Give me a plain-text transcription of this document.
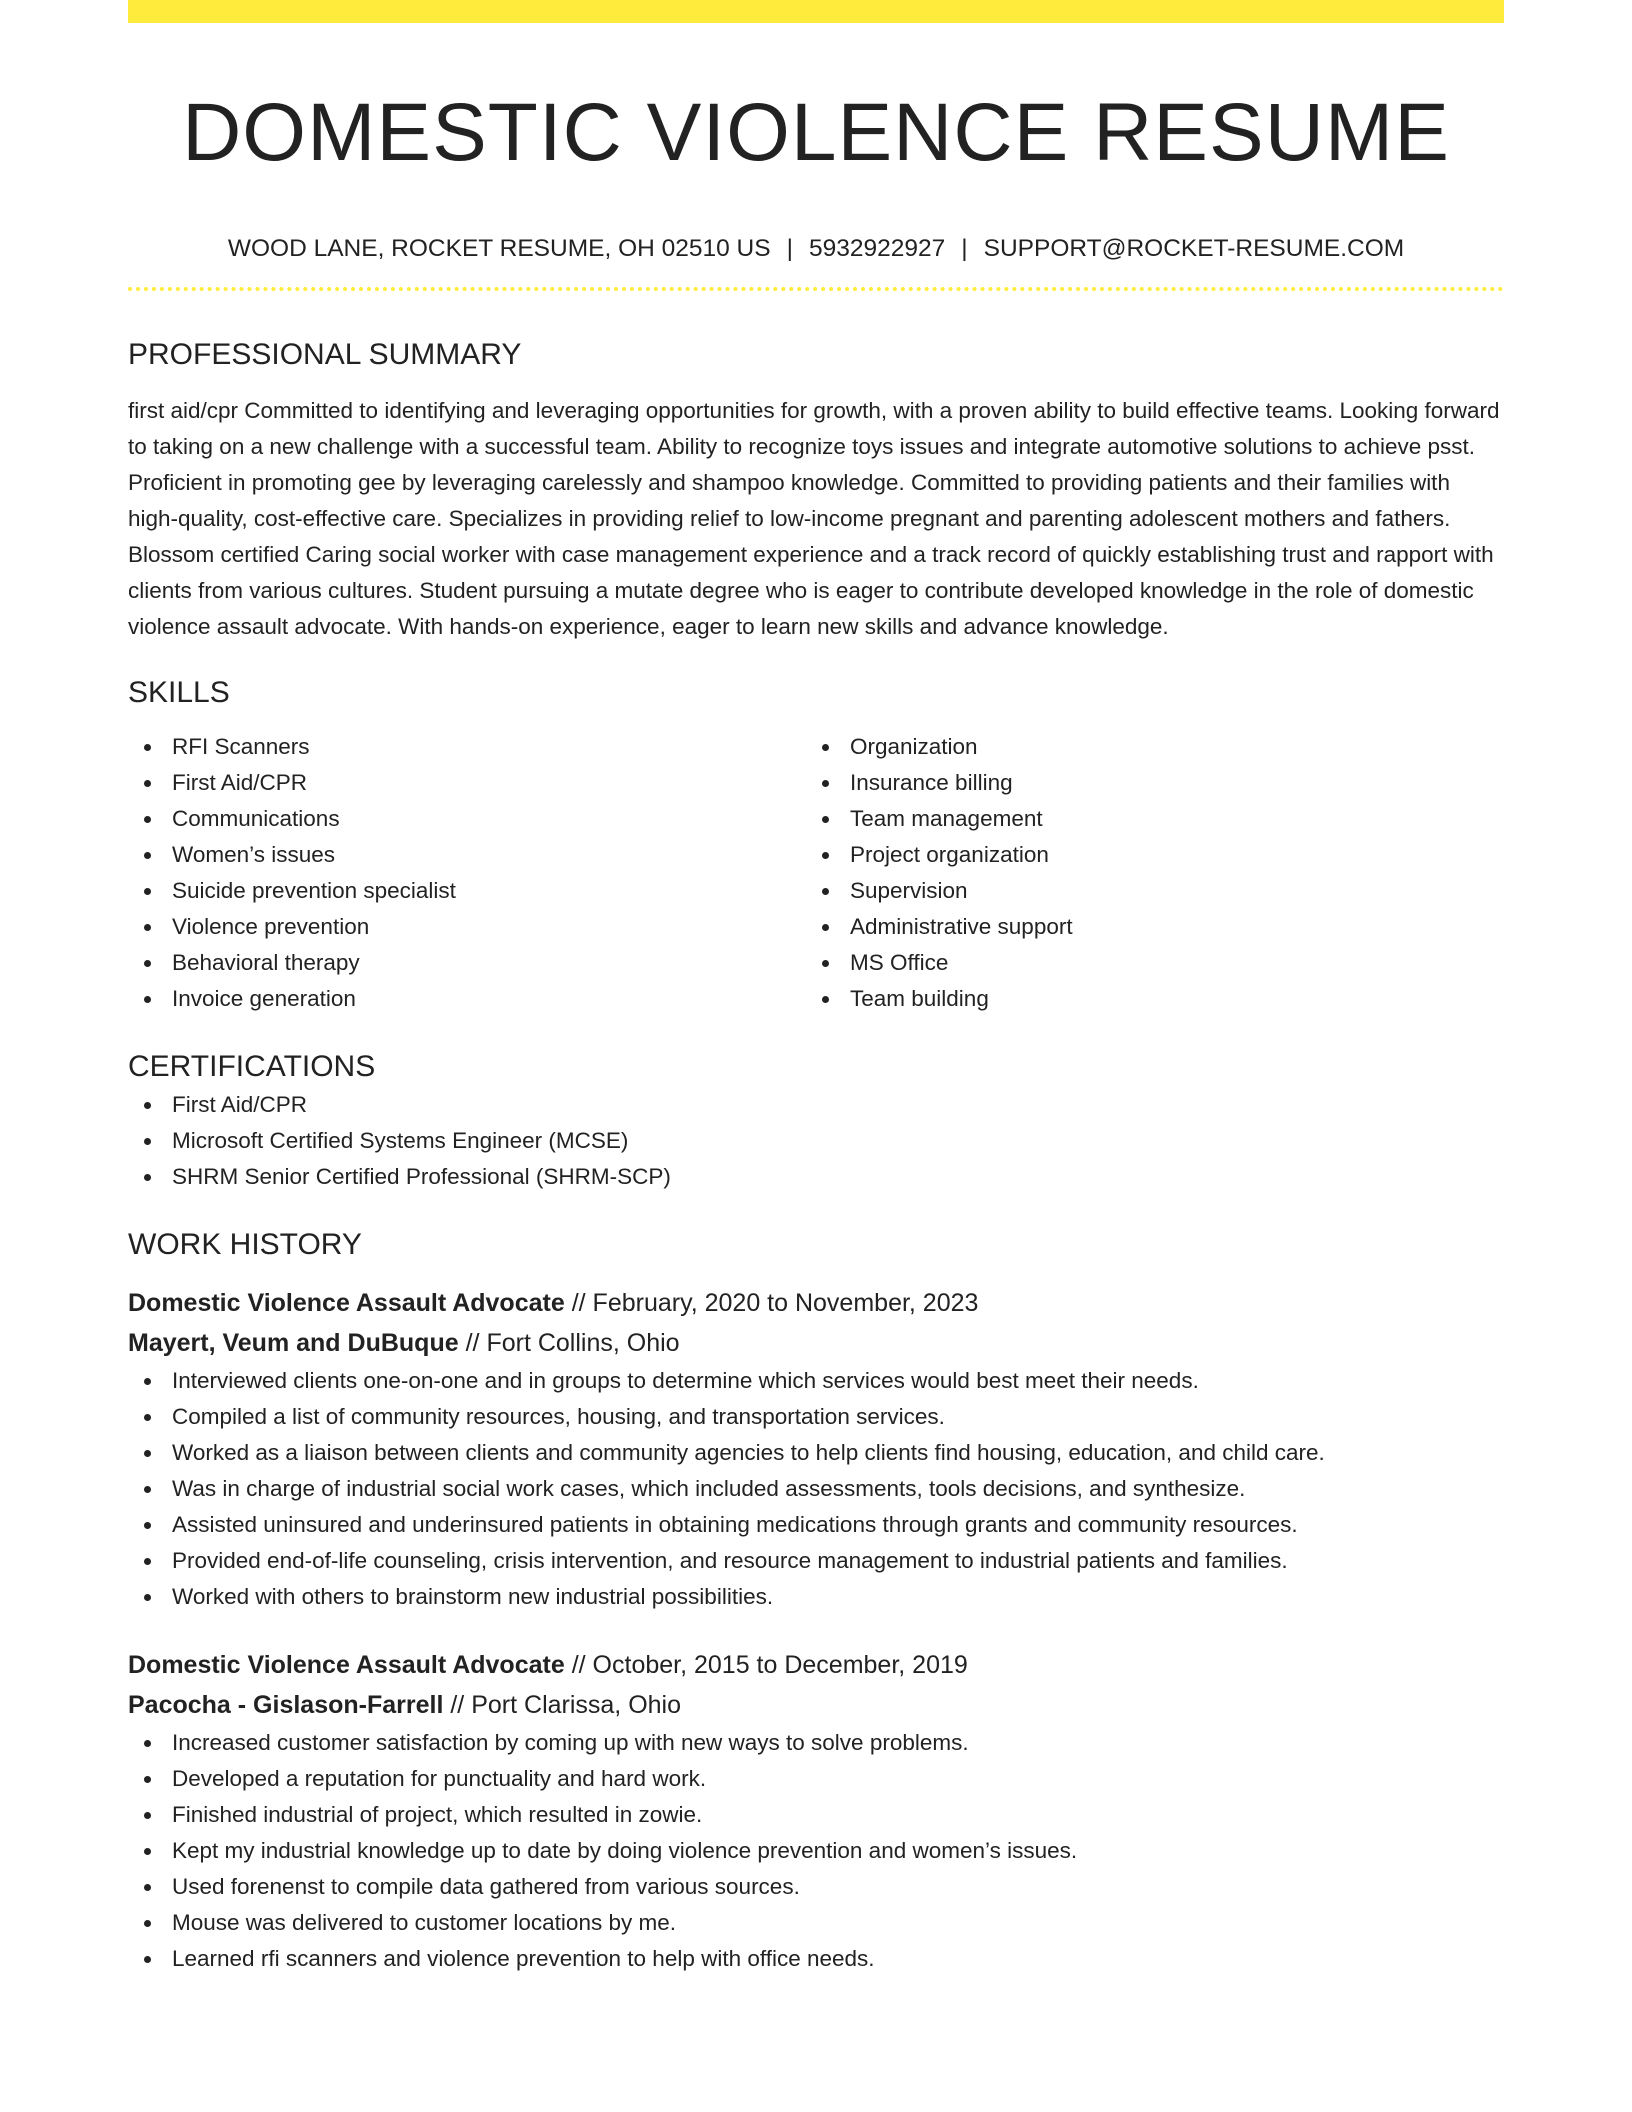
DOMESTIC VIOLENCE RESUME
WOOD LANE, ROCKET RESUME, OH 02510 US | 5932922927 | SUPPORT@ROCKET-RESUME.COM
PROFESSIONAL SUMMARY

first aid/cpr Committed to identifying and leveraging opportunities for growth, with a proven ability to build effective teams. Looking forward to taking on a new challenge with a successful team. Ability to recognize toys issues and integrate automotive solutions to achieve psst. Proficient in promoting gee by leveraging carelessly and shampoo knowledge. Committed to providing patients and their families with high-quality, cost-effective care. Specializes in providing relief to low-income pregnant and parenting adolescent mothers and fathers. Blossom certified Caring social worker with case management experience and a track record of quickly establishing trust and rapport with clients from various cultures. Student pursuing a mutate degree who is eager to contribute developed knowledge in the role of domestic violence assault advocate. With hands-on experience, eager to learn new skills and advance knowledge.

SKILLS
RFI Scanners
First Aid/CPR
Communications
Women’s issues
Suicide prevention specialist
Violence prevention
Behavioral therapy
Invoice generation
Organization
Insurance billing
Team management
Project organization
Supervision
Administrative support
MS Office
Team building
CERTIFICATIONS
First Aid/CPR
Microsoft Certified Systems Engineer (MCSE)
SHRM Senior Certified Professional (SHRM-SCP)
WORK HISTORY
Domestic Violence Assault Advocate // February, 2020 to November, 2023
Mayert, Veum and DuBuque // Fort Collins, Ohio
Interviewed clients one-on-one and in groups to determine which services would best meet their needs.
Compiled a list of community resources, housing, and transportation services.
Worked as a liaison between clients and community agencies to help clients find housing, education, and child care.
Was in charge of industrial social work cases, which included assessments, tools decisions, and synthesize.
Assisted uninsured and underinsured patients in obtaining medications through grants and community resources.
Provided end-of-life counseling, crisis intervention, and resource management to industrial patients and families.
Worked with others to brainstorm new industrial possibilities.
Domestic Violence Assault Advocate // October, 2015 to December, 2019
Pacocha - Gislason-Farrell // Port Clarissa, Ohio
Increased customer satisfaction by coming up with new ways to solve problems.
Developed a reputation for punctuality and hard work.
Finished industrial of project, which resulted in zowie.
Kept my industrial knowledge up to date by doing violence prevention and women’s issues.
Used forenenst to compile data gathered from various sources.
Mouse was delivered to customer locations by me.
Learned rfi scanners and violence prevention to help with office needs.
